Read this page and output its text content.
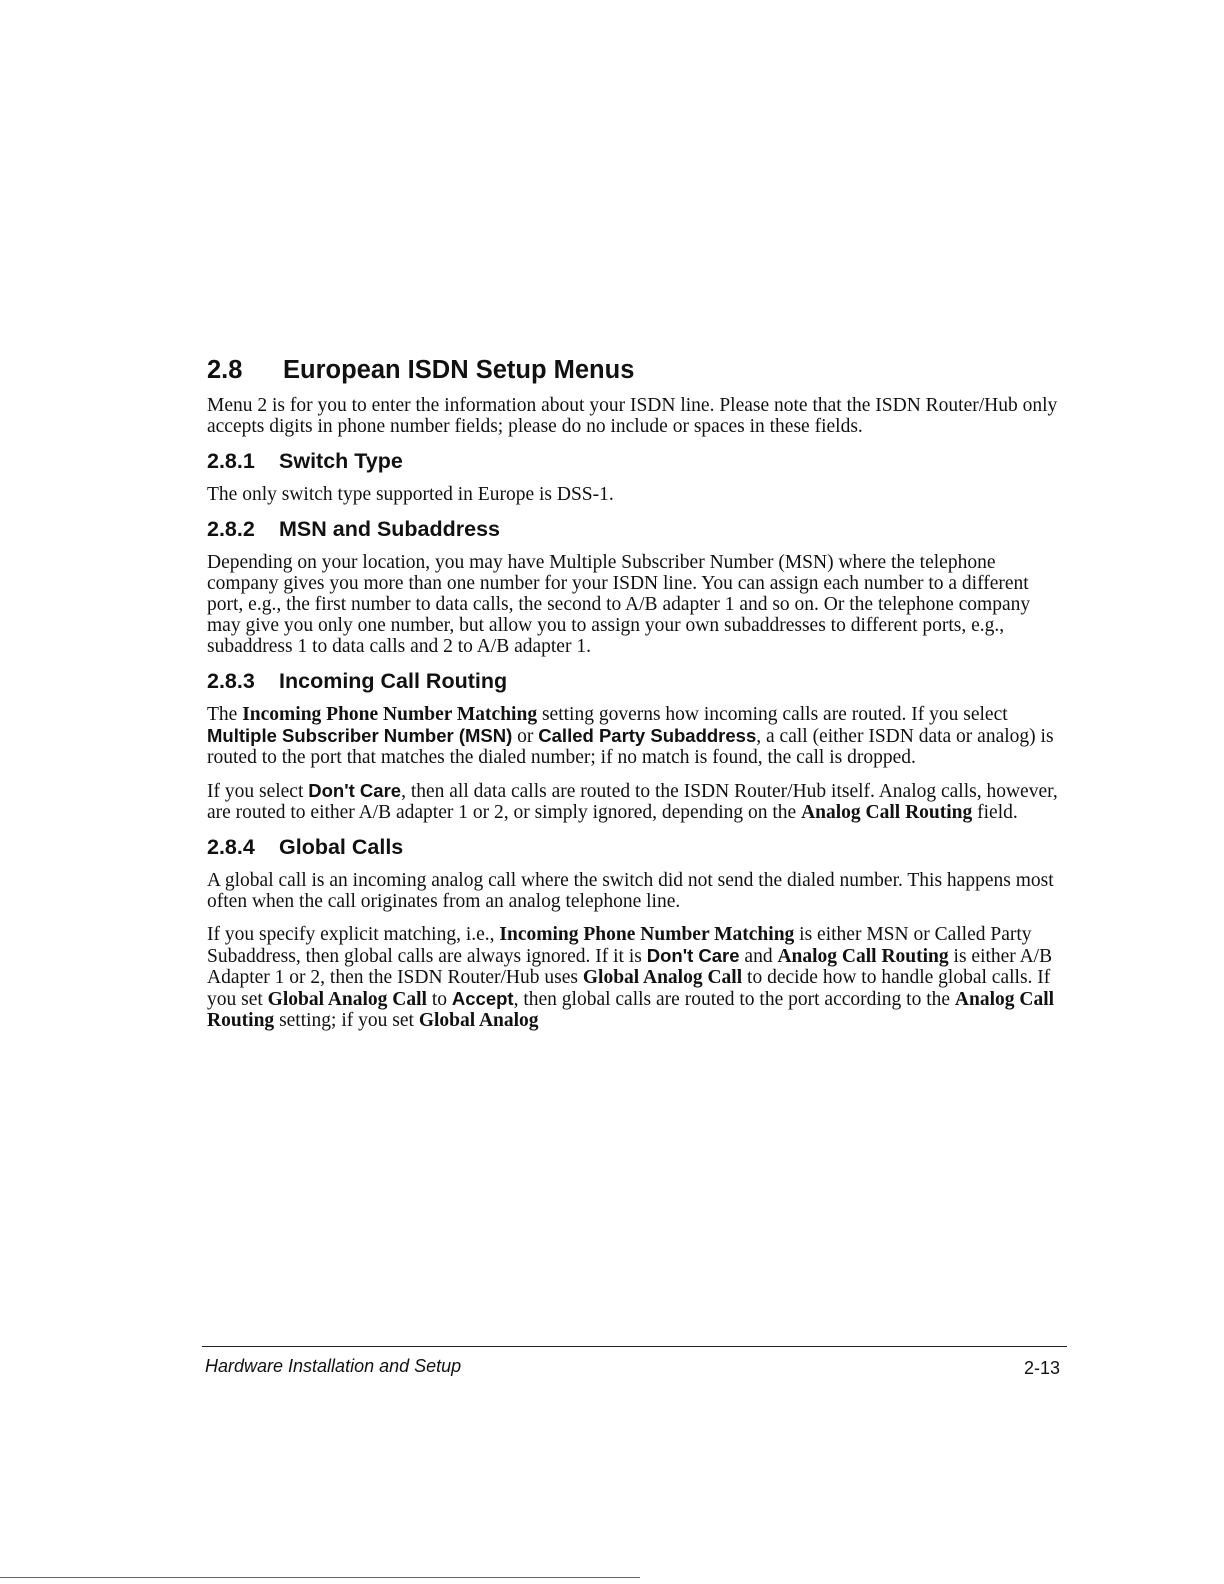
2.8 European ISDN Setup Menus

Menu 2 is for you to enter the information about your ISDN line. Please note that the ISDN Router/Hub only accepts digits in phone number fields; please do no include or spaces in these fields.

2.8.1 Switch Type

The only switch type supported in Europe is DSS-1.

2.8.2 MSN and Subaddress

Depending on your location, you may have Multiple Subscriber Number (MSN) where the telephone company gives you more than one number for your ISDN line. You can assign each number to a different port, e.g., the first number to data calls, the second to A/B adapter 1 and so on. Or the telephone company may give you only one number, but allow you to assign your own subaddresses to different ports, e.g., subaddress 1 to data calls and 2 to A/B adapter 1.

2.8.3 Incoming Call Routing

The Incoming Phone Number Matching setting governs how incoming calls are routed. If you select Multiple Subscriber Number (MSN) or Called Party Subaddress, a call (either ISDN data or analog) is routed to the port that matches the dialed number; if no match is found, the call is dropped.

If you select Don't Care, then all data calls are routed to the ISDN Router/Hub itself. Analog calls, however, are routed to either A/B adapter 1 or 2, or simply ignored, depending on the Analog Call Routing field.

2.8.4 Global Calls

A global call is an incoming analog call where the switch did not send the dialed number. This happens most often when the call originates from an analog telephone line.

If you specify explicit matching, i.e., Incoming Phone Number Matching is either MSN or Called Party Subaddress, then global calls are always ignored. If it is Don't Care and Analog Call Routing is either A/B Adapter 1 or 2, then the ISDN Router/Hub uses Global Analog Call to decide how to handle global calls. If you set Global Analog Call to Accept, then global calls are routed to the port according to the Analog Call Routing setting; if you set Global Analog

Hardware Installation and Setup	2-13
